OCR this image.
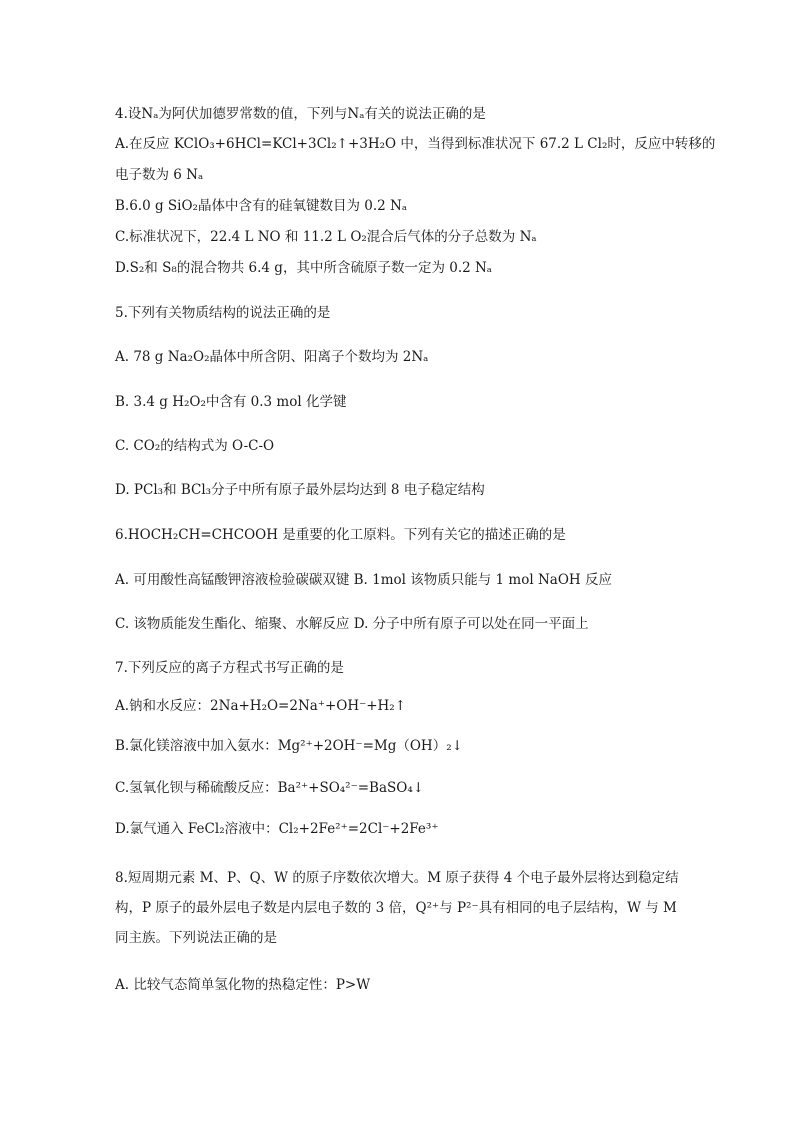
4.设Nₐ为阿伏加德罗常数的值，下列与Nₐ有关的说法正确的是
A.在反应 KClO₃+6HCl=KCl+3Cl₂↑+3H₂O 中，当得到标准状况下 67.2 L Cl₂时，反应中转移的
电子数为 6 Nₐ
B.6.0 g SiO₂晶体中含有的硅氧键数目为 0.2 Nₐ
C.标准状况下，22.4 L NO 和 11.2 L O₂混合后气体的分子总数为 Nₐ
D.S₂和 S₈的混合物共 6.4 g，其中所含硫原子数一定为 0.2 Nₐ
5.下列有关物质结构的说法正确的是
A. 78 g Na₂O₂晶体中所含阴、阳离子个数均为 2Nₐ
B. 3.4 g H₂O₂中含有 0.3 mol 化学键
C. CO₂的结构式为 O-C-O
D. PCl₃和 BCl₃分子中所有原子最外层均达到 8 电子稳定结构
6.HOCH₂CH=CHCOOH 是重要的化工原料。下列有关它的描述正确的是
A. 可用酸性高锰酸钾溶液检验碳碳双键 B. 1mol 该物质只能与 1 mol NaOH 反应
C. 该物质能发生酯化、缩聚、水解反应 D. 分子中所有原子可以处在同一平面上
7.下列反应的离子方程式书写正确的是
A.钠和水反应：2Na+H₂O=2Na⁺+OH⁻+H₂↑
B.氯化镁溶液中加入氨水：Mg²⁺+2OH⁻=Mg（OH）₂↓
C.氢氧化钡与稀硫酸反应：Ba²⁺+SO₄²⁻=BaSO₄↓
D.氯气通入 FeCl₂溶液中：Cl₂+2Fe²⁺=2Cl⁻+2Fe³⁺
8.短周期元素 M、P、Q、W 的原子序数依次增大。M 原子获得 4 个电子最外层将达到稳定结
构，P 原子的最外层电子数是内层电子数的 3 倍，Q²⁺与 P²⁻具有相同的电子层结构，W 与 M
同主族。下列说法正确的是
A. 比较气态简单氢化物的热稳定性：P>W
